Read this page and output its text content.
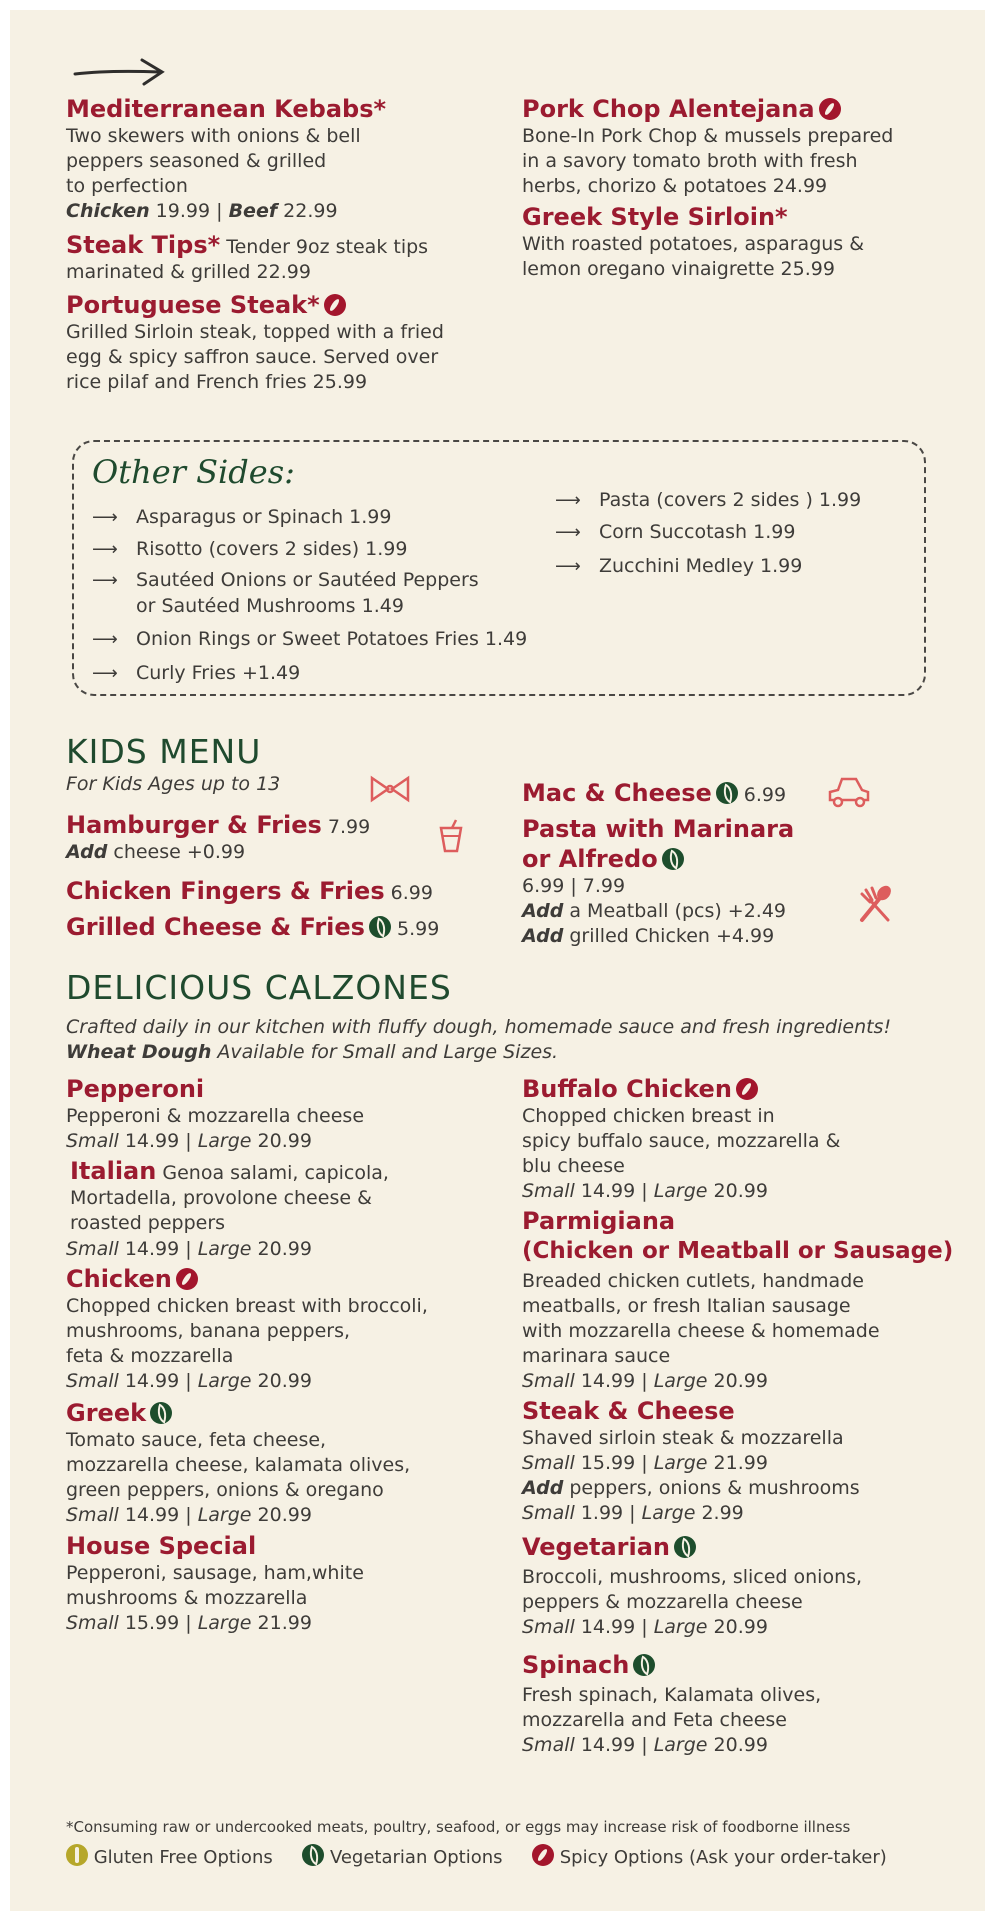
Mediterranean Kebabs*
Two skewers with onions & bell
peppers seasoned & grilled
to perfection
Chicken 19.99 | Beef 22.99
Steak Tips* Tender 9oz steak tips
marinated & grilled 22.99
Portuguese Steak*
Grilled Sirloin steak, topped with a fried
egg & spicy saffron sauce. Served over
rice pilaf and French fries 25.99
Pork Chop Alentejana
Bone-In Pork Chop & mussels prepared
in a savory tomato broth with fresh
herbs, chorizo & potatoes 24.99
Greek Style Sirloin*
With roasted potatoes, asparagus &
lemon oregano vinaigrette 25.99
Other Sides:
⟶ Asparagus or Spinach 1.99
⟶ Risotto (covers 2 sides) 1.99
⟶ Sautéed Onions or Sautéed Peppers
or Sautéed Mushrooms 1.49
⟶ Onion Rings or Sweet Potatoes Fries 1.49
⟶ Curly Fries +1.49
⟶ Pasta (covers 2 sides ) 1.99
⟶ Corn Succotash 1.99
⟶ Zucchini Medley 1.99
KIDS MENU
For Kids Ages up to 13
Hamburger & Fries 7.99
Add cheese +0.99
Chicken Fingers & Fries 6.99
Grilled Cheese & Fries 5.99
Mac & Cheese 6.99
Pasta with Marinara
or Alfredo
6.99 | 7.99
Add a Meatball (pcs) +2.49
Add grilled Chicken +4.99
DELICIOUS CALZONES
Crafted daily in our kitchen with fluffy dough, homemade sauce and fresh ingredients!
Wheat Dough Available for Small and Large Sizes.
Pepperoni
Pepperoni & mozzarella cheese
Small 14.99 | Large 20.99
Italian Genoa salami, capicola,
Mortadella, provolone cheese &
roasted peppers
Small 14.99 | Large 20.99
Chicken
Chopped chicken breast with broccoli,
mushrooms, banana peppers,
feta & mozzarella
Small 14.99 | Large 20.99
Greek
Tomato sauce, feta cheese,
mozzarella cheese, kalamata olives,
green peppers, onions & oregano
Small 14.99 | Large 20.99
House Special
Pepperoni, sausage, ham,white
mushrooms & mozzarella
Small 15.99 | Large 21.99
Buffalo Chicken
Chopped chicken breast in
spicy buffalo sauce, mozzarella &
blu cheese
Small 14.99 | Large 20.99
Parmigiana
(Chicken or Meatball or Sausage)
Breaded chicken cutlets, handmade
meatballs, or fresh Italian sausage
with mozzarella cheese & homemade
marinara sauce
Small 14.99 | Large 20.99
Steak & Cheese
Shaved sirloin steak & mozzarella
Small 15.99 | Large 21.99
Add peppers, onions & mushrooms
Small 1.99 | Large 2.99
Vegetarian
Broccoli, mushrooms, sliced onions,
peppers & mozzarella cheese
Small 14.99 | Large 20.99
Spinach
Fresh spinach, Kalamata olives,
mozzarella and Feta cheese
Small 14.99 | Large 20.99
*Consuming raw or undercooked meats, poultry, seafood, or eggs may increase risk of foodborne illness
Gluten Free Options	Vegetarian Options	Spicy Options (Ask your order-taker)
